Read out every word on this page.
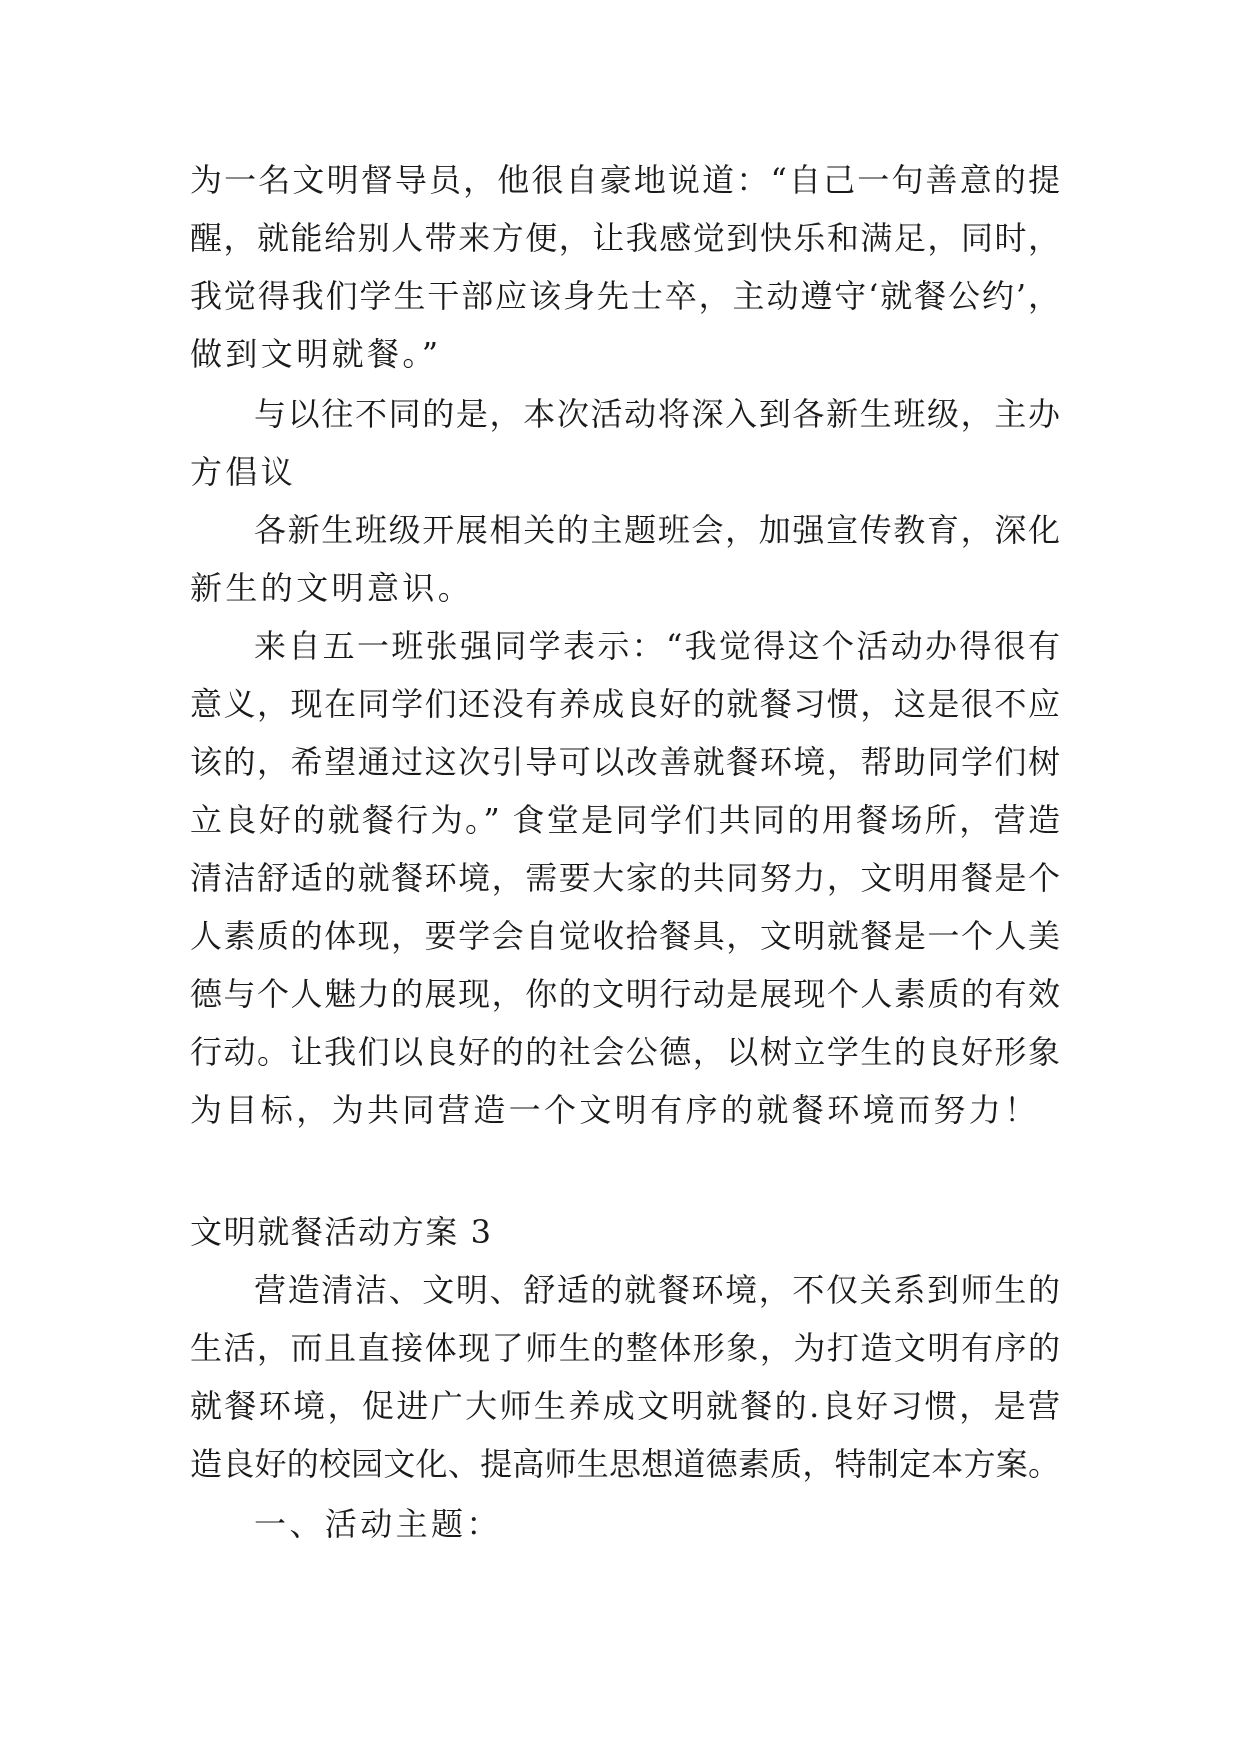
为一名文明督导员，他很自豪地说道：“自己一句善意的提
醒，就能给别人带来方便，让我感觉到快乐和满足，同时，
我觉得我们学生干部应该身先士卒，主动遵守‘就餐公约’，
做到文明就餐。”
与以往不同的是，本次活动将深入到各新生班级，主办
方倡议
各新生班级开展相关的主题班会，加强宣传教育，深化
新生的文明意识。
来自五一班张强同学表示：“我觉得这个活动办得很有
意义，现在同学们还没有养成良好的就餐习惯，这是很不应
该的，希望通过这次引导可以改善就餐环境，帮助同学们树
立良好的就餐行为。” 食堂是同学们共同的用餐场所，营造
清洁舒适的就餐环境，需要大家的共同努力，文明用餐是个
人素质的体现，要学会自觉收拾餐具，文明就餐是一个人美
德与个人魅力的展现，你的文明行动是展现个人素质的有效
行动。让我们以良好的的社会公德，以树立学生的良好形象
为目标，为共同营造一个文明有序的就餐环境而努力！
文明就餐活动方案 3
营造清洁、文明、舒适的就餐环境，不仅关系到师生的
生活，而且直接体现了师生的整体形象，为打造文明有序的
就餐环境，促进广大师生养成文明就餐的.良好习惯，是营
造良好的校园文化、提高师生思想道德素质，特制定本方案。
一、活动主题：
